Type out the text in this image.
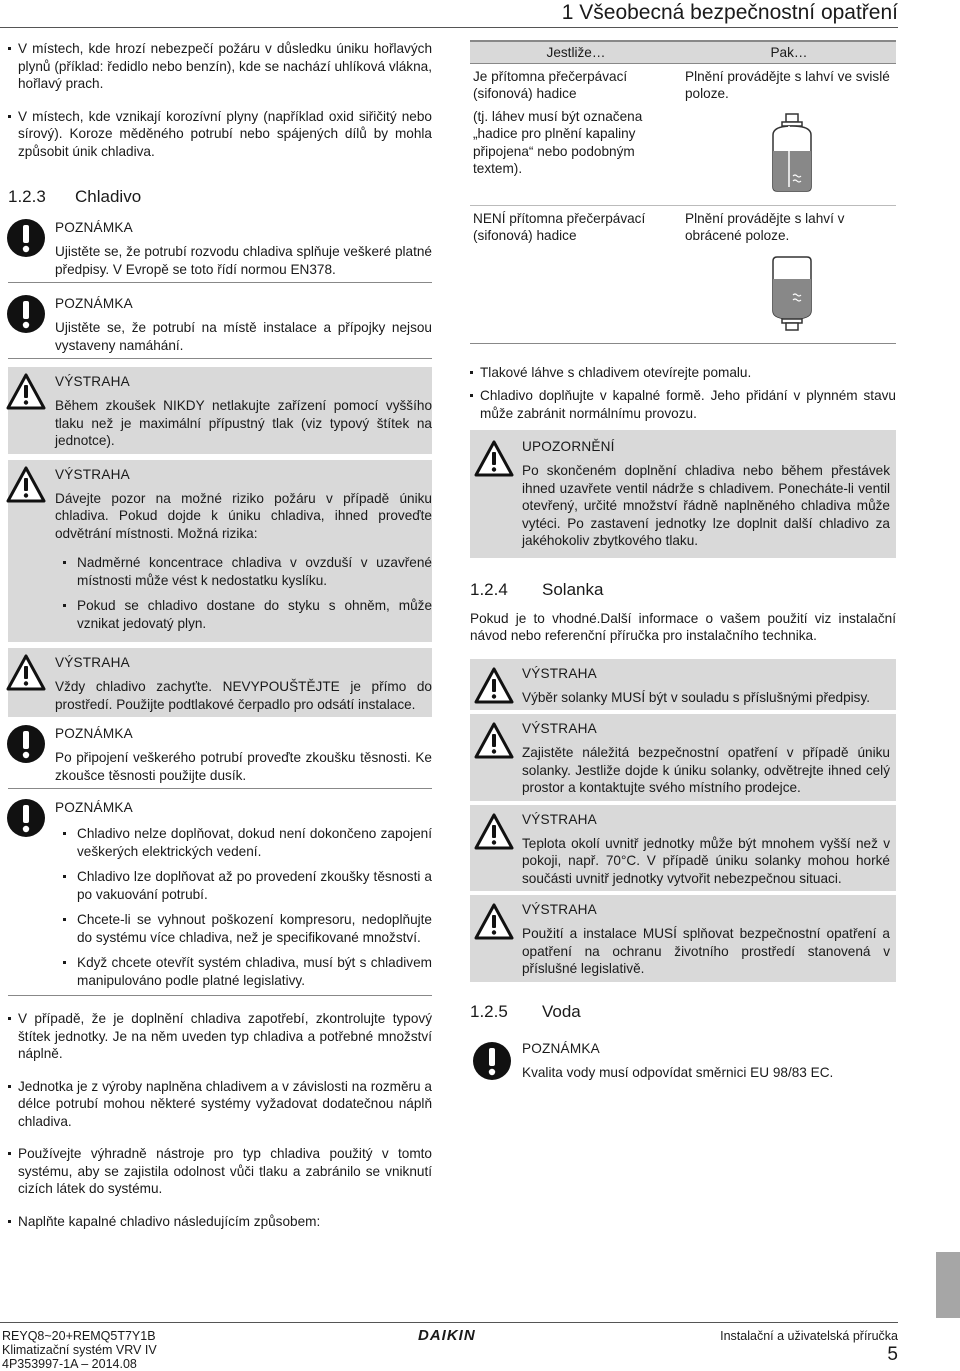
1 Všeobecná bezpečnostní opatření
V místech, kde hrozí nebezpečí požáru v důsledku úniku hořlavých plynů (příklad: ředidlo nebo benzín), kde se nachází uhlíková vlákna, hořlavý prach.
V místech, kde vznikají korozívní plyny (například oxid siřičitý nebo sírový). Koroze měděného potrubí nebo spájených dílů by mohla způsobit únik chladiva.
1.2.3 Chladivo
POZNÁMKA
Ujistěte se, že potrubí rozvodu chladiva splňuje veškeré platné předpisy. V Evropě se toto řídí normou EN378.
POZNÁMKA
Ujistěte se, že potrubí na místě instalace a přípojky nejsou vystaveny namáhání.
VÝSTRAHA
Během zkoušek NIKDY netlakujte zařízení pomocí vyššího tlaku než je maximální přípustný tlak (viz typový štítek na jednotce).
VÝSTRAHA
Dávejte pozor na možné riziko požáru v případě úniku chladiva. Pokud dojde k úniku chladiva, ihned proveďte odvětrání místnosti. Možná rizika:
Nadměrné koncentrace chladiva v ovzduší v uzavřené místnosti může vést k nedostatku kyslíku.
Pokud se chladivo dostane do styku s ohněm, může vznikat jedovatý plyn.
VÝSTRAHA
Vždy chladivo zachyťte. NEVYPOUŠTĚJTE je přímo do prostředí. Použijte podtlakové čerpadlo pro odsátí instalace.
POZNÁMKA
Po připojení veškerého potrubí proveďte zkoušku těsnosti. Ke zkoušce těsnosti použijte dusík.
POZNÁMKA
Chladivo nelze doplňovat, dokud není dokončeno zapojení veškerých elektrických vedení.
Chladivo lze doplňovat až po provedení zkoušky těsnosti a po vakuování potrubí.
Chcete-li se vyhnout poškození kompresoru, nedoplňujte do systému více chladiva, než je specifikované množství.
Když chcete otevřít systém chladiva, musí být s chladivem manipulováno podle platné legislativy.
V případě, že je doplnění chladiva zapotřebí, zkontrolujte typový štítek jednotky. Je na něm uveden typ chladiva a potřebné množství náplně.
Jednotka je z výroby naplněna chladivem a v závislosti na rozměru a délce potrubí mohou některé systémy vyžadovat dodatečnou náplň chladiva.
Používejte výhradně nástroje pro typ chladiva použitý v tomto systému, aby se zajistila odolnost vůči tlaku a zabránilo se vniknutí cizích látek do systému.
Naplňte kapalné chladivo následujícím způsobem:
Jestliže…	Pak…

Je přítomna přečerpávací (sifonová) hadice
(tj. láhev musí být označena „hadice pro plnění kapaliny připojena“ nebo podobným textem).	Plnění provádějte s lahví ve svislé poloze.

NENÍ přítomna přečerpávací (sifonová) hadice	Plnění provádějte s lahví v obrácené poloze.
Tlakové láhve s chladivem otevírejte pomalu.
Chladivo doplňujte v kapalné formě. Jeho přidání v plynném stavu může zabránit normálnímu provozu.
UPOZORNĚNÍ
Po skončeném doplnění chladiva nebo během přestávek ihned uzavřete ventil nádrže s chladivem. Ponecháte-li ventil otevřený, určité množství řádně naplněného chladiva může vytéci. Po zastavení jednotky lze doplnit další chladivo za jakéhokoliv zbytkového tlaku.
1.2.4 Solanka
Pokud je to vhodné.Další informace o vašem použití viz instalační návod nebo referenční příručka pro instalačního technika.
VÝSTRAHA
Výběr solanky MUSÍ být v souladu s příslušnými předpisy.
VÝSTRAHA
Zajistěte náležitá bezpečnostní opatření v případě úniku solanky. Jestliže dojde k úniku solanky, odvětrejte ihned celý prostor a kontaktujte svého místního prodejce.
VÝSTRAHA
Teplota okolí uvnitř jednotky může být mnohem vyšší než v pokoji, např. 70°C. V případě úniku solanky mohou horké součásti uvnitř jednotky vytvořit nebezpečnou situaci.
VÝSTRAHA
Použití a instalace MUSÍ splňovat bezpečnostní opatření a opatření na ochranu životního prostředí stanovená v příslušné legislativě.
1.2.5 Voda
POZNÁMKA
Kvalita vody musí odpovídat směrnici EU 98/83 EC.
REYQ8~20+REMQ5T7Y1B
Klimatizační systém VRV IV
4P353997-1A – 2014.08
DAIKIN	Instalační a uživatelská příručka
5
